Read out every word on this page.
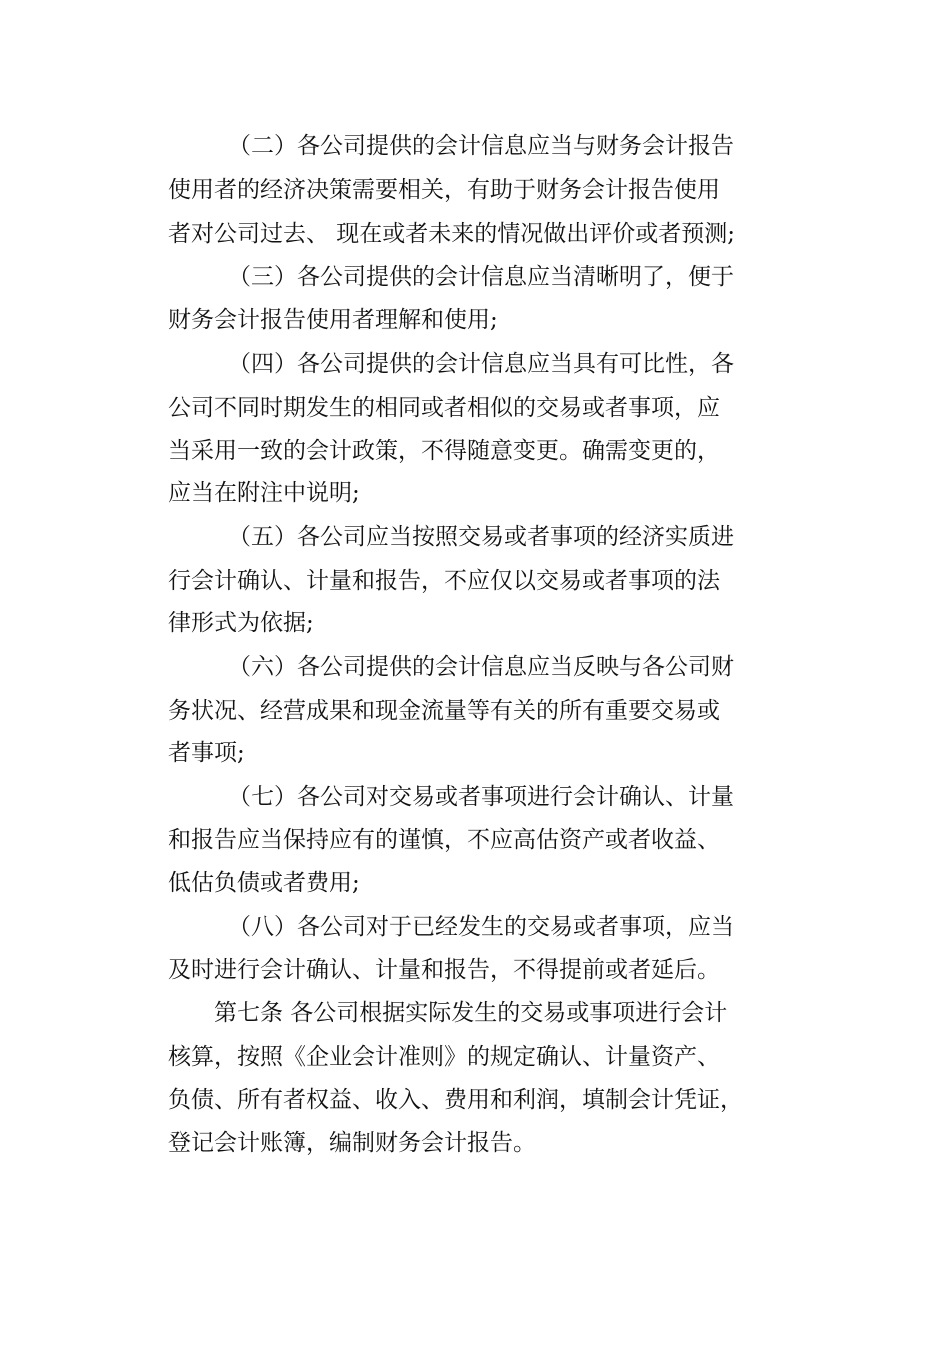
（二）各公司提供的会计信息应当与财务会计报告
使用者的经济决策需要相关，有助于财务会计报告使用
者对公司过去、 现在或者未来的情况做出评价或者预测;
（三）各公司提供的会计信息应当清晰明了，便于
财务会计报告使用者理解和使用;
（四）各公司提供的会计信息应当具有可比性，各
公司不同时期发生的相同或者相似的交易或者事项，应
当采用一致的会计政策，不得随意变更。确需变更的，
应当在附注中说明;
（五）各公司应当按照交易或者事项的经济实质进
行会计确认、计量和报告，不应仅以交易或者事项的法
律形式为依据;
（六）各公司提供的会计信息应当反映与各公司财
务状况、经营成果和现金流量等有关的所有重要交易或
者事项;
（七）各公司对交易或者事项进行会计确认、计量
和报告应当保持应有的谨慎，不应高估资产或者收益、
低估负债或者费用;
（八）各公司对于已经发生的交易或者事项，应当
及时进行会计确认、计量和报告，不得提前或者延后。
第七条 各公司根据实际发生的交易或事项进行会计
核算，按照《企业会计准则》的规定确认、计量资产、
负债、所有者权益、收入、费用和利润，填制会计凭证，
登记会计账簿，编制财务会计报告。
